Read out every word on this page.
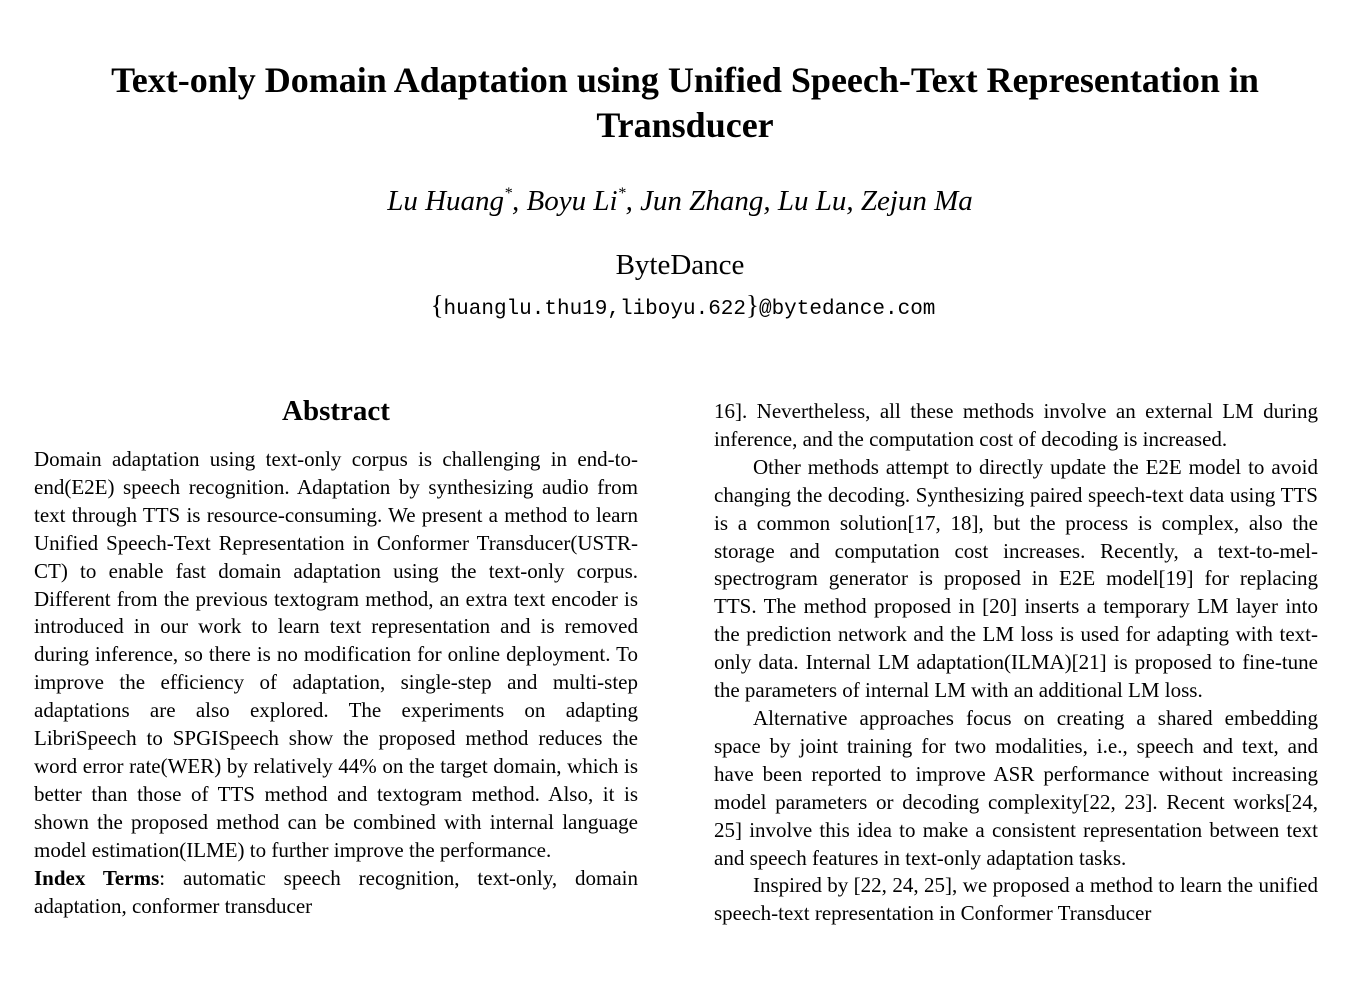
Text-only Domain Adaptation using Unified Speech-Text Representation in Transducer
Lu Huang*, Boyu Li*, Jun Zhang, Lu Lu, Zejun Ma
ByteDance
{huanglu.thu19,liboyu.622}@bytedance.com
Abstract

Domain adaptation using text-only corpus is challenging in end-to-end(E2E) speech recognition. Adaptation by synthesizing audio from text through TTS is resource-consuming. We present a method to learn Unified Speech-Text Representation in Conformer Transducer(USTR-CT) to enable fast domain adaptation using the text-only corpus. Different from the previous textogram method, an extra text encoder is introduced in our work to learn text representation and is removed during inference, so there is no modification for online deployment. To improve the efficiency of adaptation, single-step and multi-step adaptations are also explored. The experiments on adapting LibriSpeech to SPGISpeech show the proposed method reduces the word error rate(WER) by relatively 44% on the target domain, which is better than those of TTS method and textogram method. Also, it is shown the proposed method can be combined with internal language model estimation(ILME) to further improve the performance.

Index Terms: automatic speech recognition, text-only, domain adaptation, conformer transducer

16]. Nevertheless, all these methods involve an external LM during inference, and the computation cost of decoding is increased.

Other methods attempt to directly update the E2E model to avoid changing the decoding. Synthesizing paired speech-text data using TTS is a common solution[17, 18], but the process is complex, also the storage and computation cost increases. Recently, a text-to-mel-spectrogram generator is proposed in E2E model[19] for replacing TTS. The method proposed in [20] inserts a temporary LM layer into the prediction network and the LM loss is used for adapting with text-only data. Internal LM adaptation(ILMA)[21] is proposed to fine-tune the parameters of internal LM with an additional LM loss.

Alternative approaches focus on creating a shared embedding space by joint training for two modalities, i.e., speech and text, and have been reported to improve ASR performance without increasing model parameters or decoding complexity[22, 23]. Recent works[24, 25] involve this idea to make a consistent representation between text and speech features in text-only adaptation tasks.

Inspired by [22, 24, 25], we proposed a method to learn the unified speech-text representation in Conformer Transducer
